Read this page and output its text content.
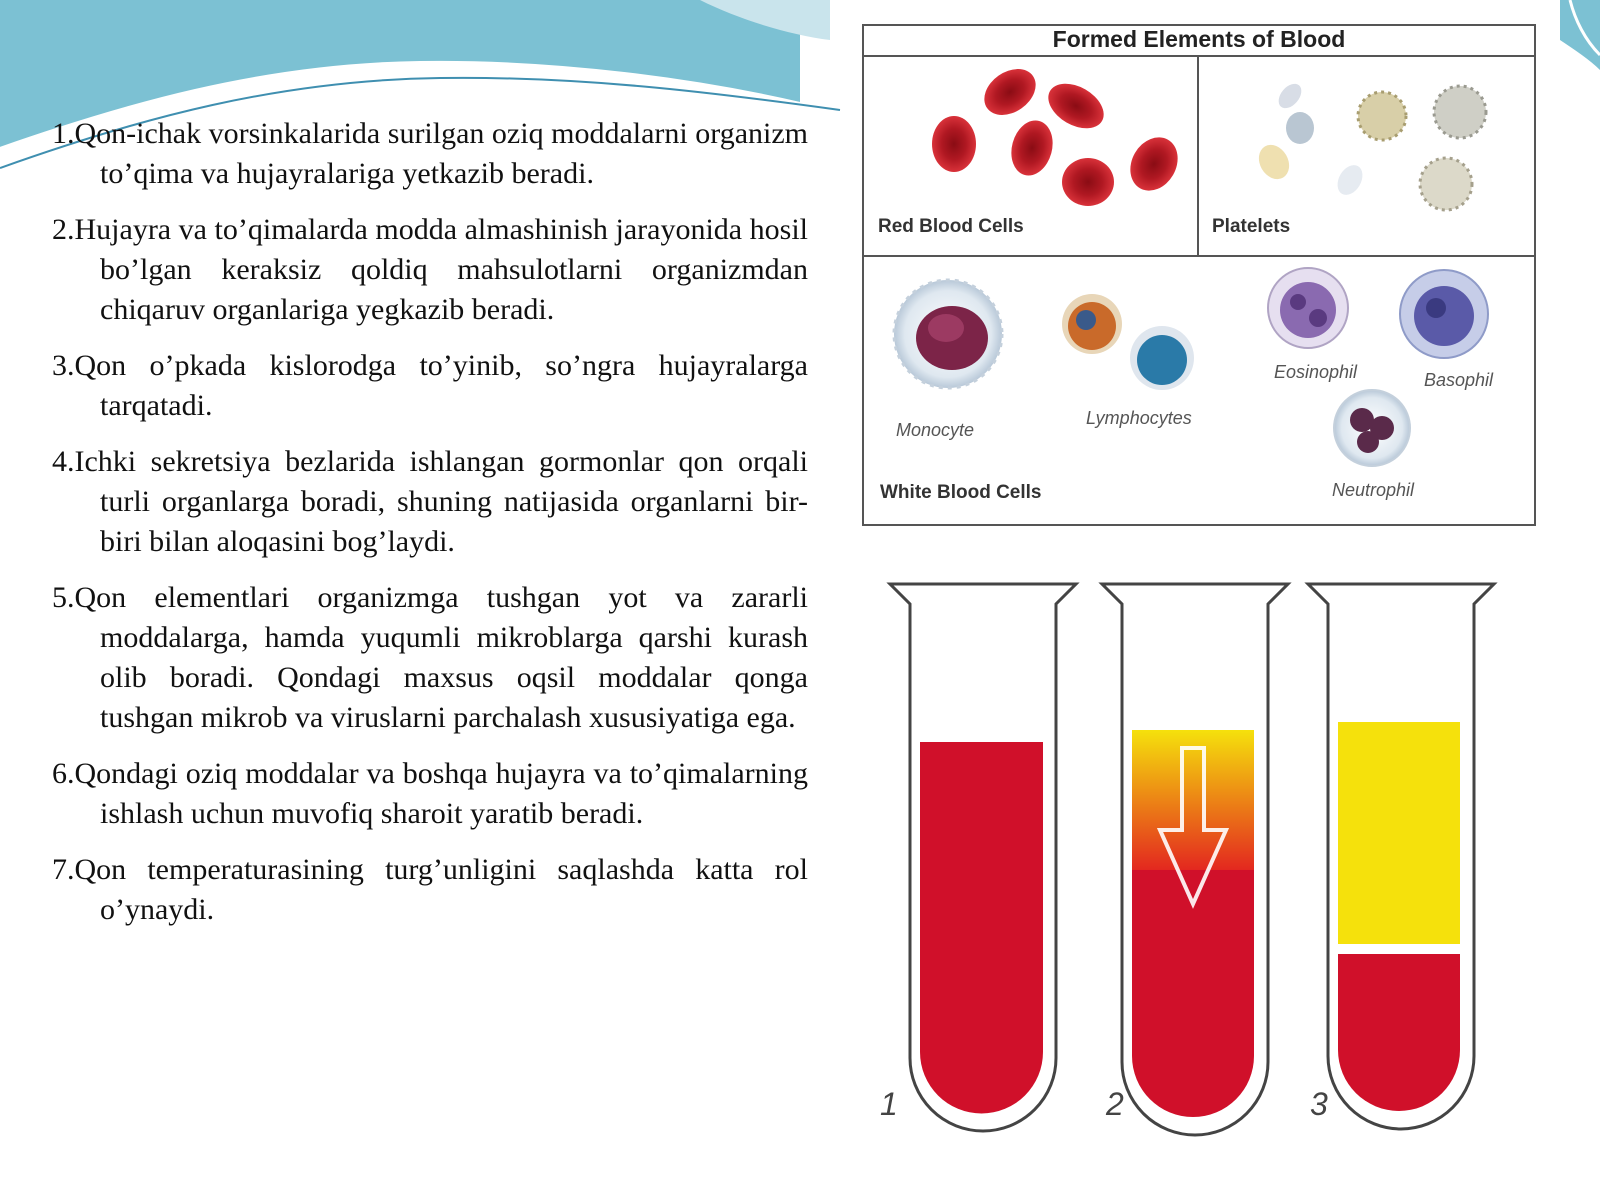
1.Qon-ichak vorsinkalarida surilgan oziq moddalarni organizm to’qima va hujayralariga yetkazib beradi.

2.Hujayra va to’qimalarda modda almashinish jarayonida hosil bo’lgan keraksiz qoldiq mahsulotlarni organizmdan chiqaruv organlariga yegkazib beradi.

3.Qon o’pkada kislorodga to’yinib, so’ngra hujayralarga tarqatadi.

4.Ichki sekretsiya bezlarida ishlangan gormonlar qon orqali turli organlarga boradi, shuning natijasida organlarni bir-biri bilan aloqasini bog’laydi.

5.Qon elementlari organizmga tushgan yot va zararli moddalarga, hamda yuqumli mikroblarga qarshi kurash olib boradi. Qondagi maxsus oqsil moddalar qonga tushgan mikrob va viruslarni parchalash xususiyatiga ega.

6.Qondagi oziq moddalar va boshqa hujayra va to’qimalarning ishlash uchun muvofiq sharoit yaratib beradi.

7.Qon temperaturasining turg’unligini saqlashda katta rol o’ynaydi.

Formed Elements of Blood
Red Blood Cells	Platelets
White Blood Cells
Monocyte
Lymphocytes
Eosinophil	Basophil
Neutrophil
1	2	3
